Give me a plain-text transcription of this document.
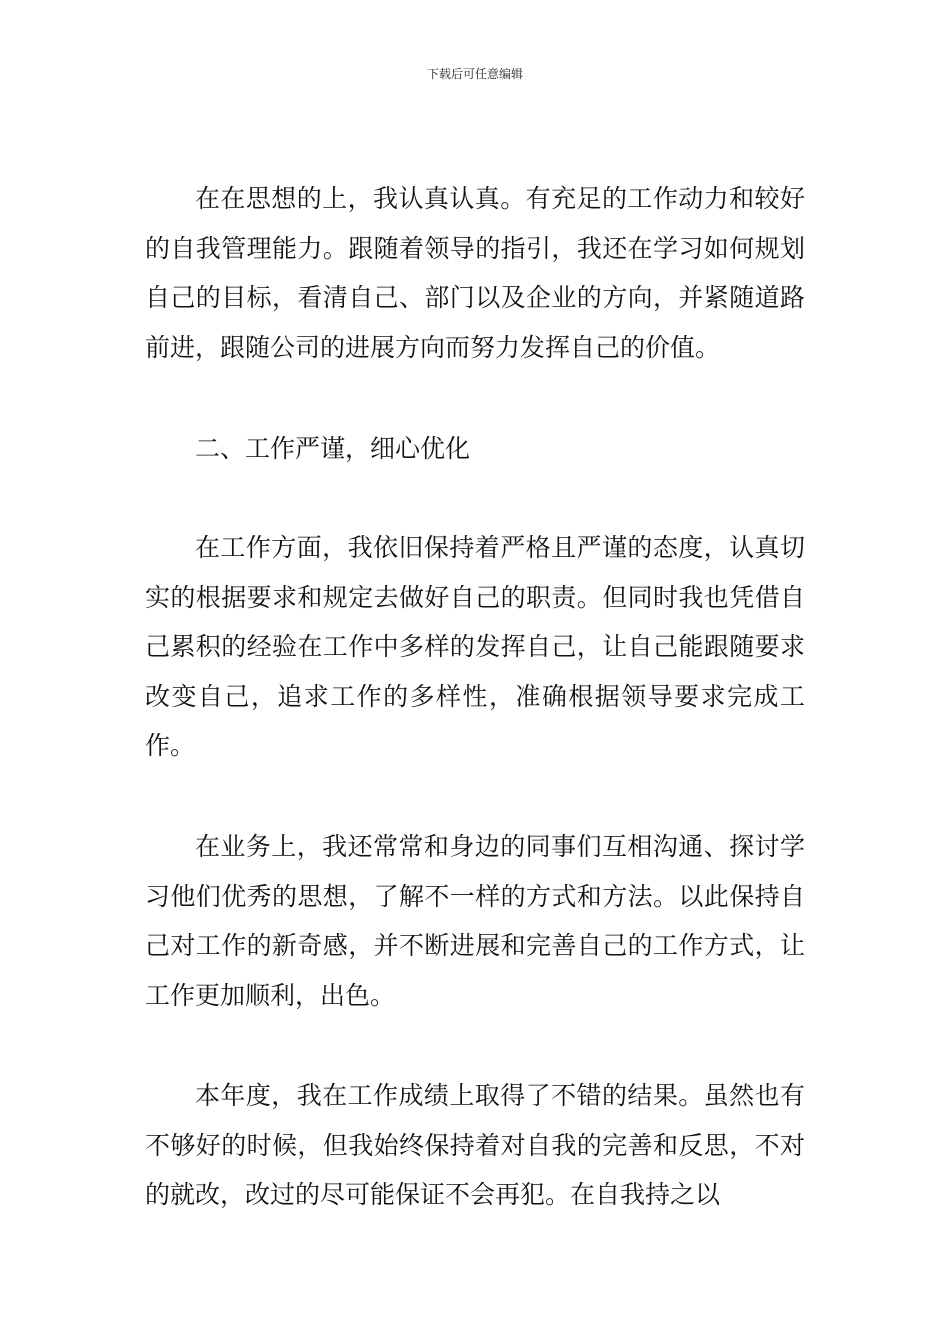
下载后可任意编辑

在在思想的上，我认真认真。有充足的工作动力和较好的自我管理能力。跟随着领导的指引，我还在学习如何规划自己的目标，看清自己、部门以及企业的方向，并紧随道路前进，跟随公司的进展方向而努力发挥自己的价值。

二、工作严谨，细心优化

在工作方面，我依旧保持着严格且严谨的态度，认真切实的根据要求和规定去做好自己的职责。但同时我也凭借自己累积的经验在工作中多样的发挥自己，让自己能跟随要求改变自己，追求工作的多样性，准确根据领导要求完成工作。

在业务上，我还常常和身边的同事们互相沟通、探讨学习他们优秀的思想，了解不一样的方式和方法。以此保持自己对工作的新奇感，并不断进展和完善自己的工作方式，让工作更加顺利，出色。

本年度，我在工作成绩上取得了不错的结果。虽然也有不够好的时候，但我始终保持着对自我的完善和反思，不对的就改，改过的尽可能保证不会再犯。在自我持之以
